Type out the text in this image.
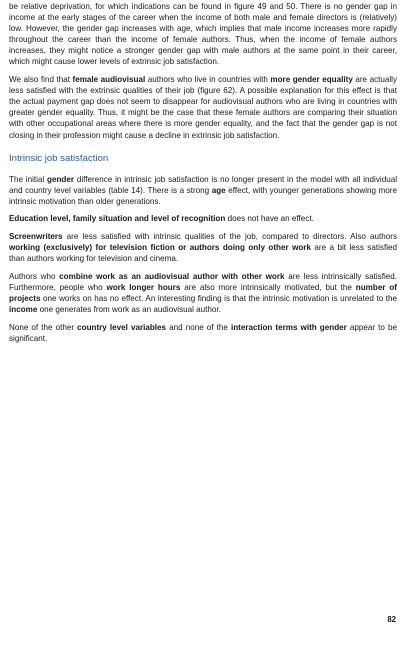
be relative deprivation, for which indications can be found in figure 49 and 50. There is no gender gap in income at the early stages of the career when the income of both male and female directors is (relatively) low. However, the gender gap increases with age, which implies that male income increases more rapidly throughout the career than the income of female authors. Thus, when the income of female authors increases, they might notice a stronger gender gap with male authors at the same point in their career, which might cause lower levels of extrinsic job satisfaction.

We also find that female audiovisual authors who live in countries with more gender equality are actually less satisfied with the extrinsic qualities of their job (figure 62). A possible explanation for this effect is that the actual payment gap does not seem to disappear for audiovisual authors who are living in countries with greater gender equality. Thus, it might be the case that these female authors are comparing their situation with other occupational areas where there is more gender equality, and the fact that the gender gap is not closing in their profession might cause a decline in extrinsic job satisfaction.

Intrinsic job satisfaction

The initial gender difference in intrinsic job satisfaction is no longer present in the model with all individual and country level variables (table 14). There is a strong age effect, with younger generations showing more intrinsic motivation than older generations.

Education level, family situation and level of recognition does not have an effect.

Screenwriters are less satisfied with intrinsic qualities of the job, compared to directors. Also authors working (exclusively) for television fiction or authors doing only other work are a bit less satisfied than authors working for television and cinema.

Authors who combine work as an audiovisual author with other work are less intrinsically satisfied. Furthermore, people who work longer hours are also more intrinsically motivated, but the number of projects one works on has no effect. An interesting finding is that the intrinsic motivation is unrelated to the income one generates from work as an audiovisual author.

None of the other country level variables and none of the interaction terms with gender appear to be significant.

82
